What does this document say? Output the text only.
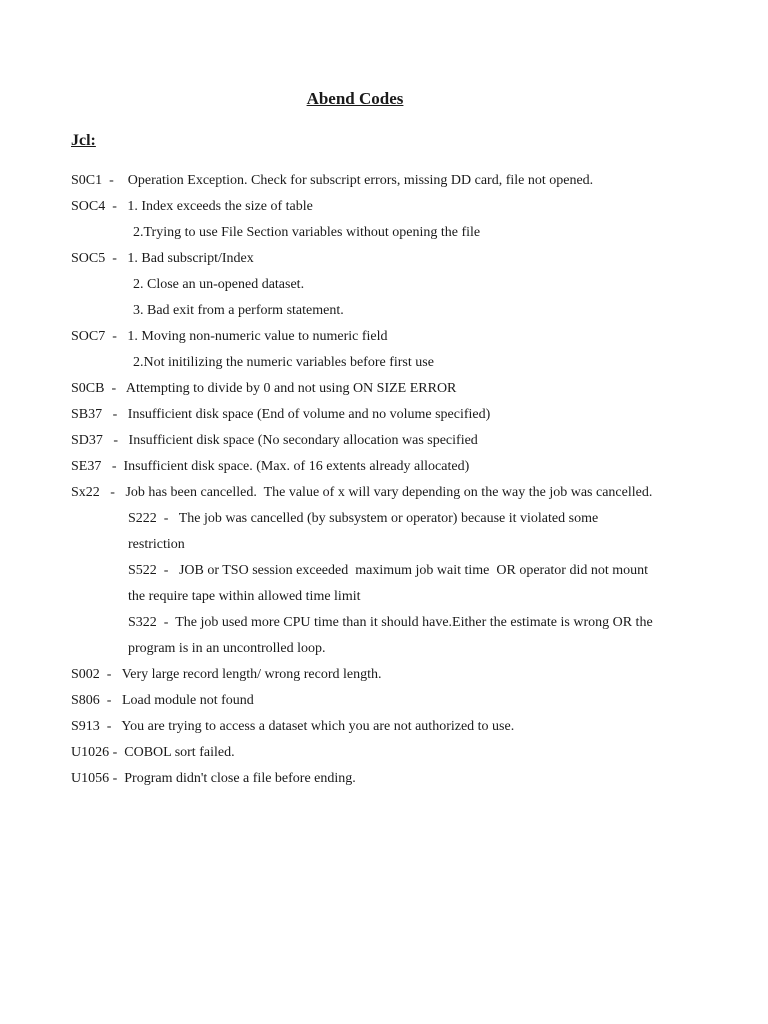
Abend Codes
Jcl:
S0C1  -    Operation Exception. Check for subscript errors, missing DD card, file not opened.
SOC4  -   1. Index exceeds the size of table
2.Trying to use File Section variables without opening the file
SOC5  -   1. Bad subscript/Index
2. Close an un-opened dataset.
3. Bad exit from a perform statement.
SOC7  -   1. Moving non-numeric value to numeric field
2.Not initilizing the numeric variables before first use
S0CB  -   Attempting to divide by 0 and not using ON SIZE ERROR
SB37   -   Insufficient disk space (End of volume and no volume specified)
SD37   -   Insufficient disk space (No secondary allocation was specified
SE37   -  Insufficient disk space. (Max. of 16 extents already allocated)
Sx22   -   Job has been cancelled.  The value of x will vary depending on the way the job was cancelled.
S222  -   The job was cancelled (by subsystem or operator) because it violated some
restriction
S522  -   JOB or TSO session exceeded  maximum job wait time  OR operator did not mount
the require tape within allowed time limit
S322  -  The job used more CPU time than it should have.Either the estimate is wrong OR the
program is in an uncontrolled loop.
S002  -   Very large record length/ wrong record length.
S806  -   Load module not found
S913  -   You are trying to access a dataset which you are not authorized to use.
U1026 -  COBOL sort failed.
U1056 -  Program didn't close a file before ending.
